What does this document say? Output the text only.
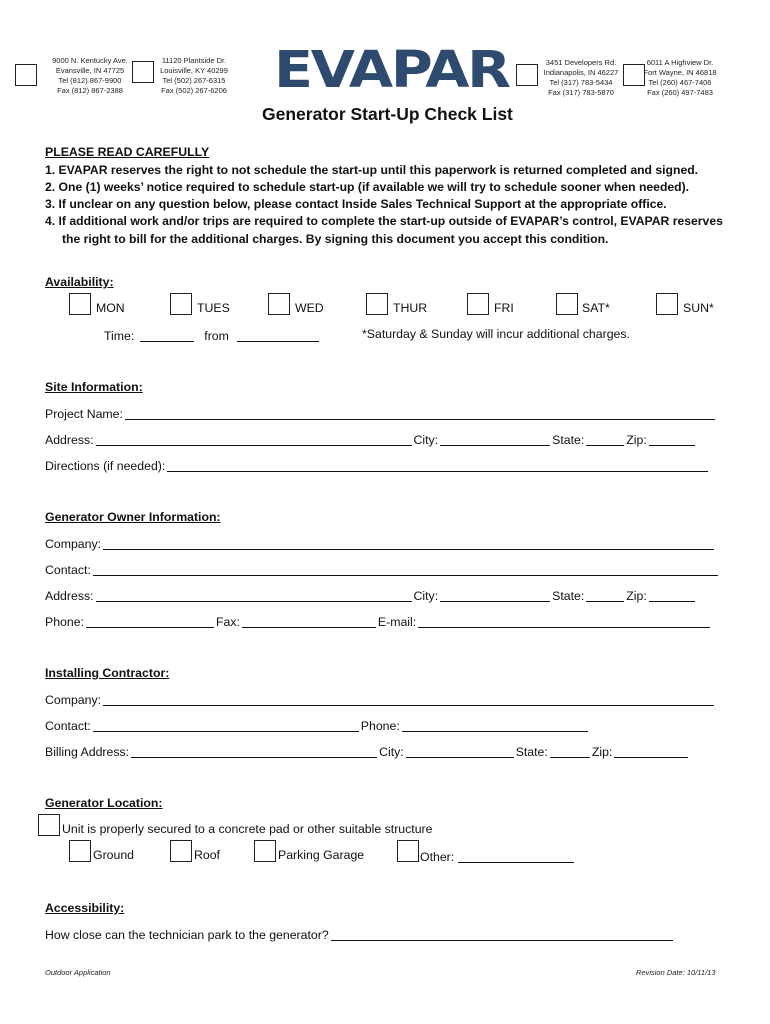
9000 N. Kentucky Ave.
Evansville, IN 47725
Tel (812) 867-9900
Fax (812) 867-2388
11120 Plantside Dr.
Louisville, KY 40299
Tel (502) 267-6315
Fax (502) 267-6206 EVAPAR	3451 Developers Rd.
Indianapolis, IN 46227
Tel (317) 783-5434
Fax (317) 783-5870
6011 A Highview Dr.
Fort Wayne, IN 46818
Tel (260) 467-7406
Fax (260) 497-7483
Generator Start-Up Check List
PLEASE READ CAREFULLY
1. EVAPAR reserves the right to not schedule the start-up until this paperwork is returned completed and signed.
2. One (1) weeks’ notice required to schedule start-up (if available we will try to schedule sooner when needed).
3. If unclear on any question below, please contact Inside Sales Technical Support at the appropriate office.
4. If additional work and/or trips are required to complete the start-up outside of EVAPAR’s control, EVAPAR reserves
the right to bill for the additional charges. By signing this document you accept this condition.
Availability:
MON	TUES	WED	THUR	FRI	SAT*	SUN*
Time:	from	*Saturday & Sunday will incur additional charges.
Site Information:
Project Name:
Address:	City:	State:	Zip:
Directions (if needed):
Generator Owner Information:
Company:
Contact:
Address:	City:	State:	Zip:
Phone:	Fax:	E-mail:
Installing Contractor:
Company:
Contact:	Phone:
Billing Address:	City:	State:	Zip:
Generator Location:
Unit is properly secured to a concrete pad or other suitable structure
Ground	Roof	Parking Garage	Other:
Accessibility:
How close can the technician park to the generator?
Outdoor Application	Revision Date: 10/11/13
